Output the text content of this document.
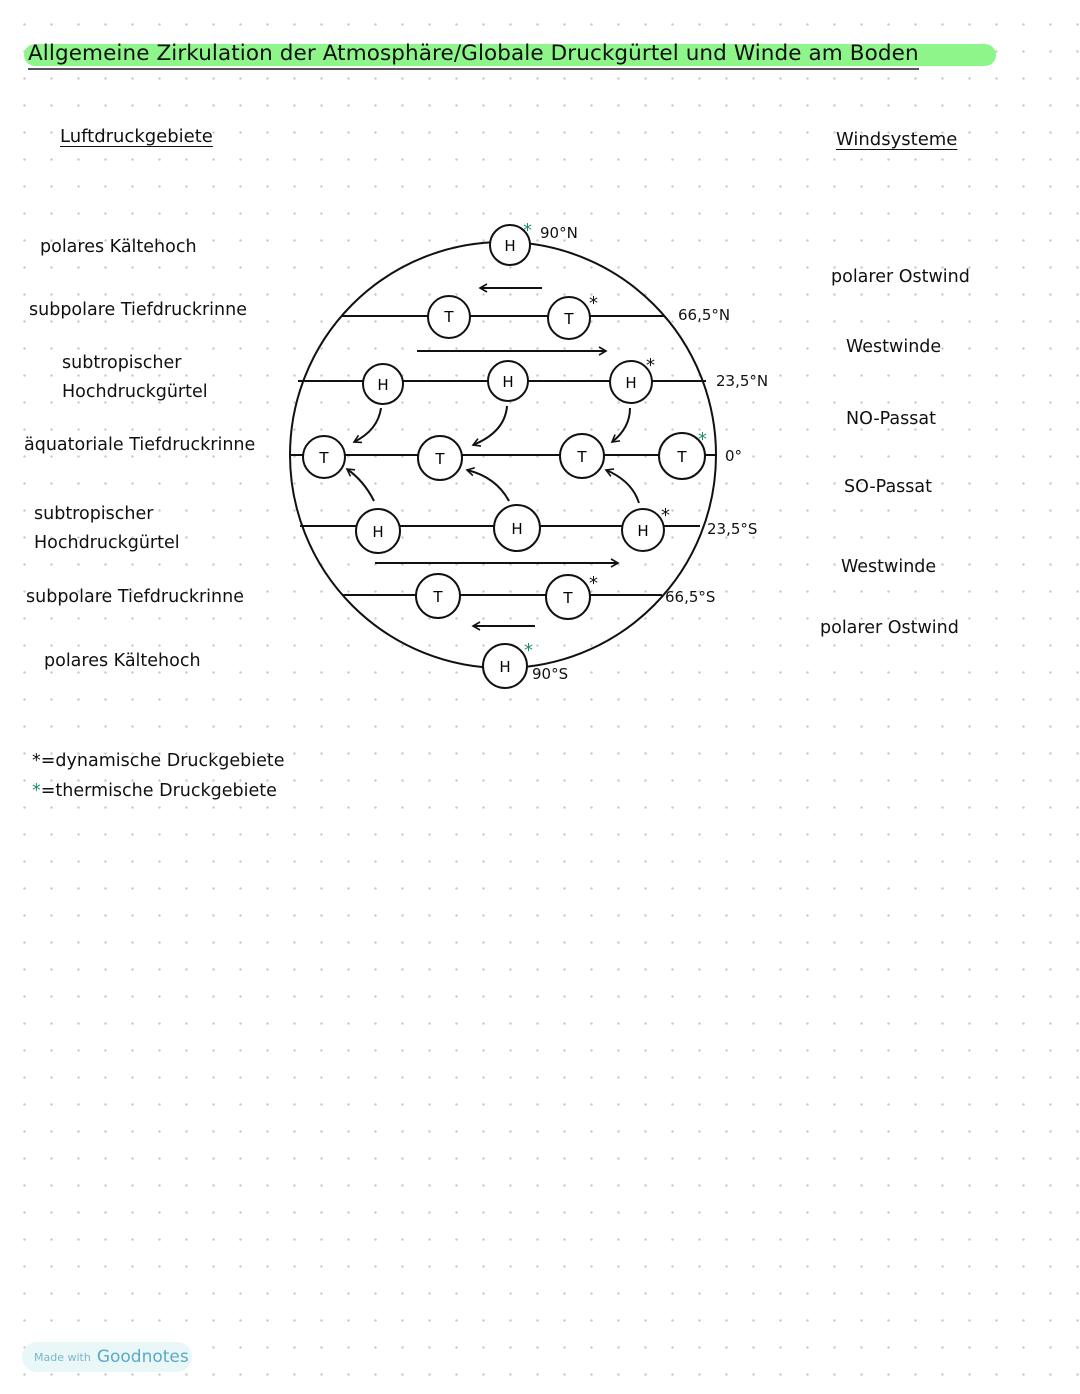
Allgemeine Zirkulation der Atmosphäre/Globale Druckgürtel und Winde am Boden
Luftdruckgebiete	Windsysteme
polares Kältehoch
subpolare Tiefdruckrinne
subtropischer
Hochdruckgürtel
äquatoriale Tiefdruckrinne
subtropischer
Hochdruckgürtel
subpolare Tiefdruckrinne
polares Kältehoch
polarer Ostwind
Westwinde
NO-Passat
SO-Passat
Westwinde
polarer Ostwind
H
T	T
H	H	H
T	T	T	T
H	H	H
T	T
H
*
*
*
*
*
*
*
90°N
66,5°N
23,5°N
0°
23,5°S
66,5°S
90°S
*=dynamische Druckgebiete
*=thermische Druckgebiete
Made with Goodnotes
